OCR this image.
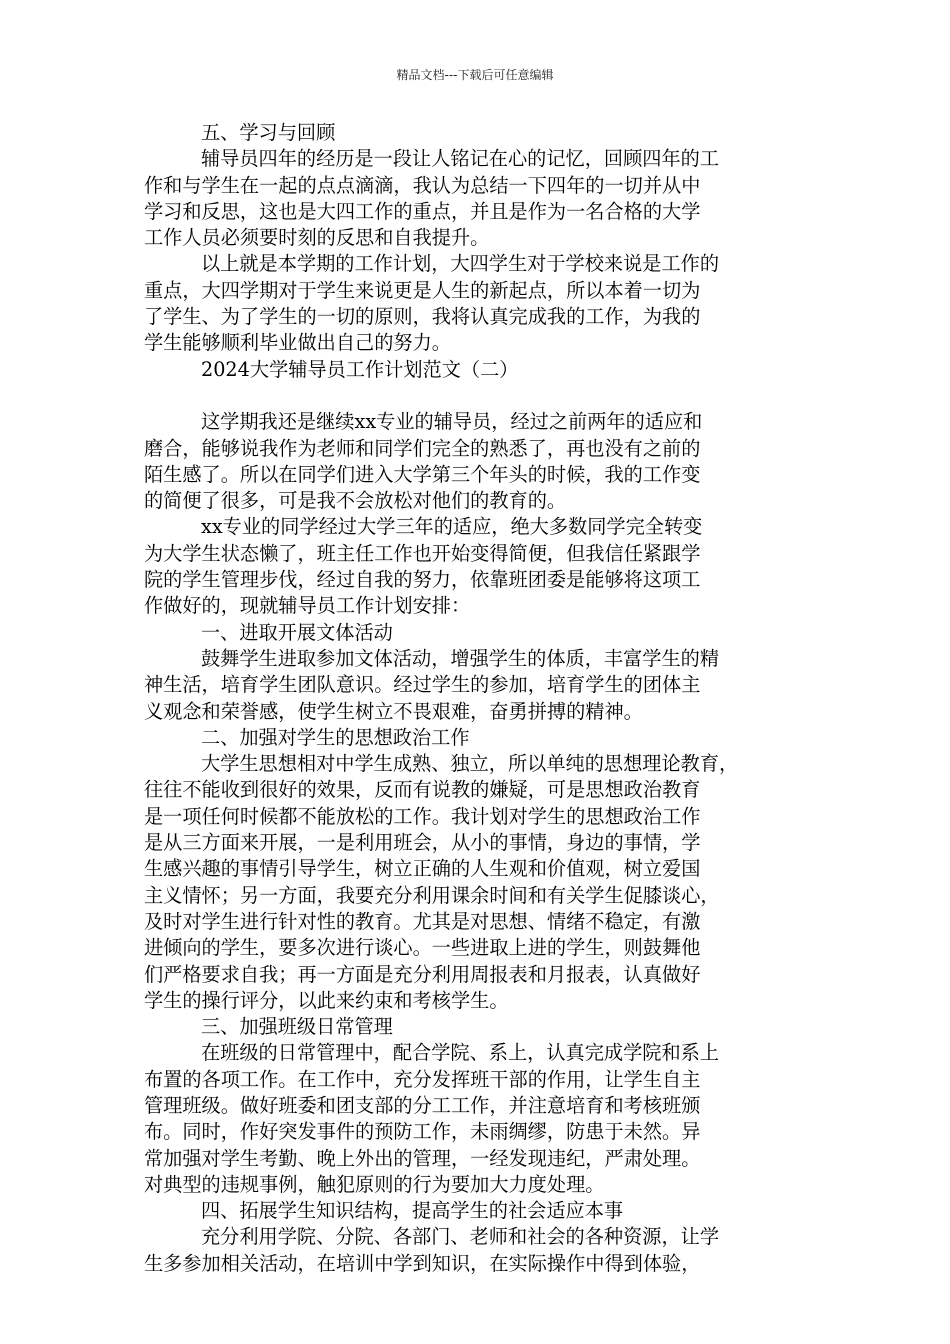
精品文档---下载后可任意编辑
五、学习与回顾
辅导员四年的经历是一段让人铭记在心的记忆，回顾四年的工
作和与学生在一起的点点滴滴，我认为总结一下四年的一切并从中
学习和反思，这也是大四工作的重点，并且是作为一名合格的大学
工作人员必须要时刻的反思和自我提升。
以上就是本学期的工作计划，大四学生对于学校来说是工作的
重点，大四学期对于学生来说更是人生的新起点，所以本着一切为
了学生、为了学生的一切的原则，我将认真完成我的工作，为我的
学生能够顺利毕业做出自己的努力。
2024大学辅导员工作计划范文（二）
这学期我还是继续xx专业的辅导员，经过之前两年的适应和
磨合，能够说我作为老师和同学们完全的熟悉了，再也没有之前的
陌生感了。所以在同学们进入大学第三个年头的时候，我的工作变
的简便了很多，可是我不会放松对他们的教育的。
xx专业的同学经过大学三年的适应，绝大多数同学完全转变
为大学生状态懒了，班主任工作也开始变得简便，但我信任紧跟学
院的学生管理步伐，经过自我的努力，依靠班团委是能够将这项工
作做好的，现就辅导员工作计划安排：
一、进取开展文体活动
鼓舞学生进取参加文体活动，增强学生的体质，丰富学生的精
神生活，培育学生团队意识。经过学生的参加，培育学生的团体主
义观念和荣誉感，使学生树立不畏艰难，奋勇拼搏的精神。
二、加强对学生的思想政治工作
大学生思想相对中学生成熟、独立，所以单纯的思想理论教育，
往往不能收到很好的效果，反而有说教的嫌疑，可是思想政治教育
是一项任何时候都不能放松的工作。我计划对学生的思想政治工作
是从三方面来开展，一是利用班会，从小的事情，身边的事情，学
生感兴趣的事情引导学生，树立正确的人生观和价值观，树立爱国
主义情怀；另一方面，我要充分利用课余时间和有关学生促膝谈心，
及时对学生进行针对性的教育。尤其是对思想、情绪不稳定，有激
进倾向的学生，要多次进行谈心。一些进取上进的学生，则鼓舞他
们严格要求自我；再一方面是充分利用周报表和月报表，认真做好
学生的操行评分，以此来约束和考核学生。
三、加强班级日常管理
在班级的日常管理中，配合学院、系上，认真完成学院和系上
布置的各项工作。在工作中，充分发挥班干部的作用，让学生自主
管理班级。做好班委和团支部的分工工作，并注意培育和考核班颁
布。同时，作好突发事件的预防工作，未雨绸缪，防患于未然。异
常加强对学生考勤、晚上外出的管理，一经发现违纪，严肃处理。
对典型的违规事例，触犯原则的行为要加大力度处理。
四、拓展学生知识结构，提高学生的社会适应本事
充分利用学院、分院、各部门、老师和社会的各种资源，让学
生多参加相关活动，在培训中学到知识，在实际操作中得到体验，
